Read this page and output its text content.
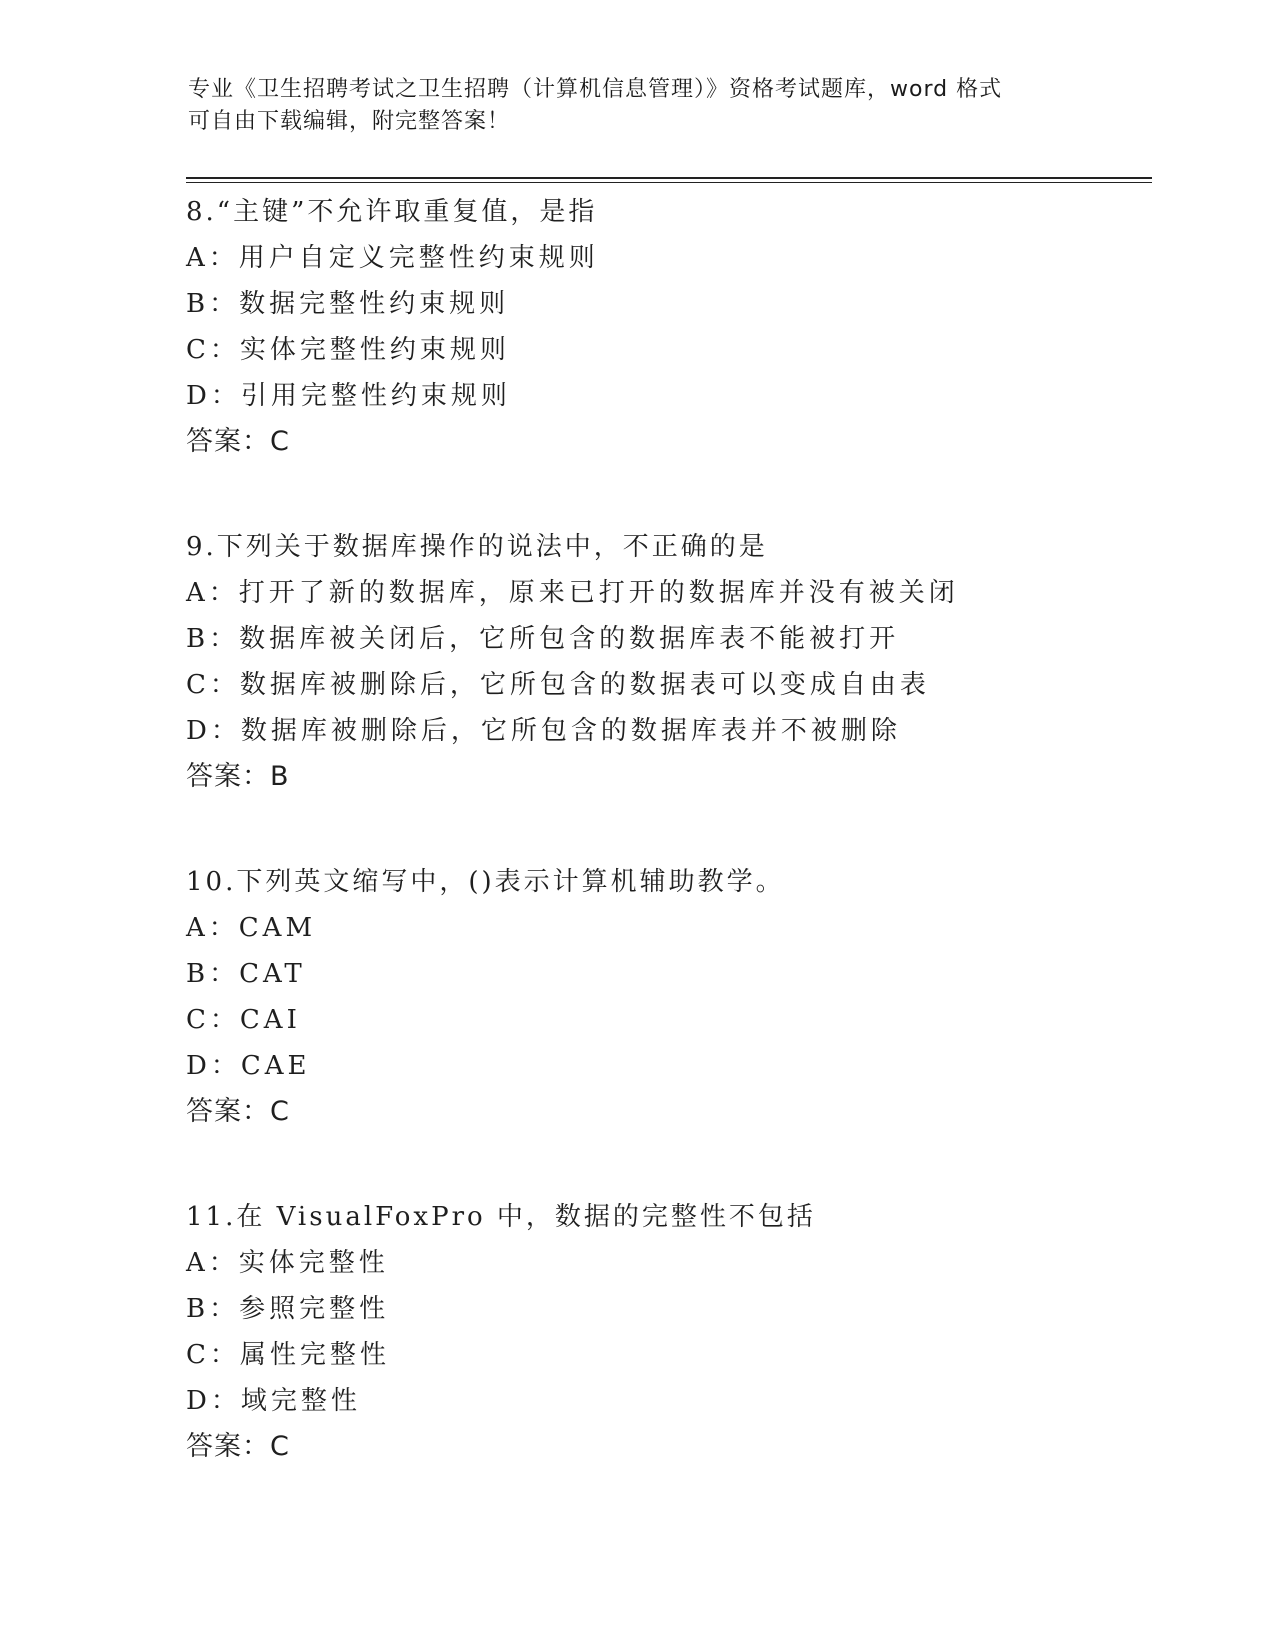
专业《卫生招聘考试之卫生招聘（计算机信息管理）》资格考试题库，word 格式
可自由下载编辑，附完整答案！
8.“主键”不允许取重复值，是指
A：用户自定义完整性约束规则
B：数据完整性约束规则
C：实体完整性约束规则
D：引用完整性约束规则
答案：C
9.下列关于数据库操作的说法中，不正确的是
A：打开了新的数据库，原来已打开的数据库并没有被关闭
B：数据库被关闭后，它所包含的数据库表不能被打开
C：数据库被删除后，它所包含的数据表可以变成自由表
D：数据库被删除后，它所包含的数据库表并不被删除
答案：B
10.下列英文缩写中，()表示计算机辅助教学。
A：CAM
B：CAT
C：CAI
D：CAE
答案：C
11.在 VisualFoxPro 中，数据的完整性不包括
A：实体完整性
B：参照完整性
C：属性完整性
D：域完整性
答案：C
